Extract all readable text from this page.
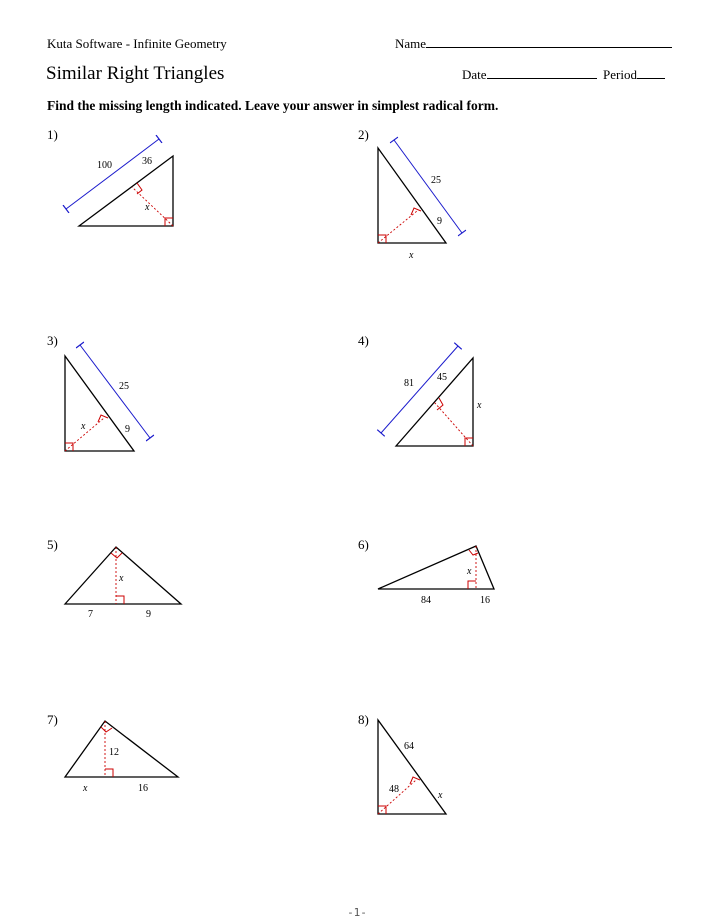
Kuta Software - Infinite Geometry	Name
Similar Right Triangles	Date	Period
Find the missing length indicated. Leave your answer in simplest radical form.
1)	2)
3)	4)
5)	6)
7)	8)
100	36
x
25
9
x
25
9
x
81
45
x
x
7	9
x
84	16
12
x	16
64
48
x
-1-
